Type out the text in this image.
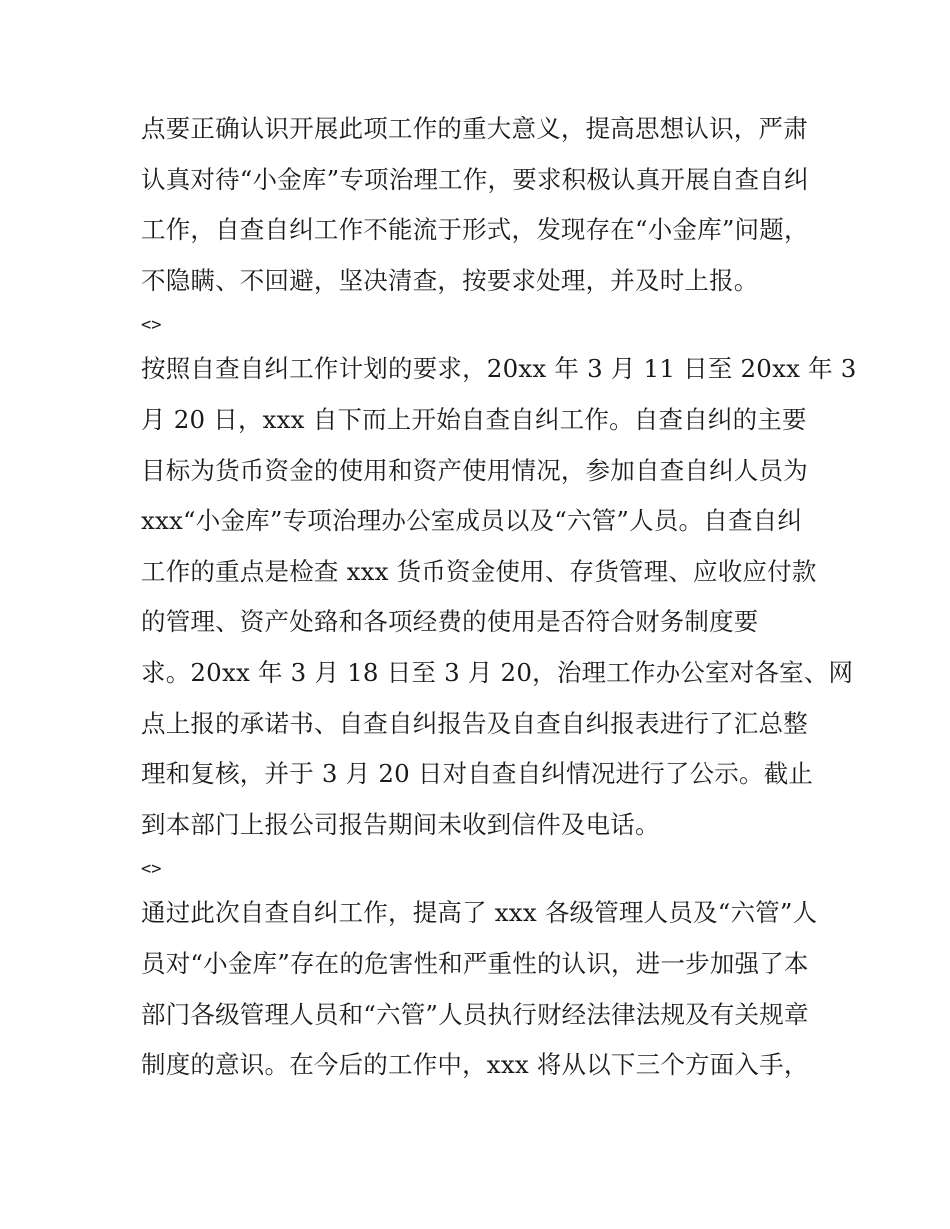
点要正确认识开展此项工作的重大意义，提高思想认识，严肃
认真对待“小金库”专项治理工作，要求积极认真开展自查自纠
工作，自查自纠工作不能流于形式，发现存在“小金库”问题，
不隐瞒、不回避，坚决清查，按要求处理，并及时上报。
<>
按照自查自纠工作计划的要求，20xx 年 3 月 11 日至 20xx 年 3
月 20 日，xxx 自下而上开始自查自纠工作。自查自纠的主要
目标为货币资金的使用和资产使用情况，参加自查自纠人员为
xxx“小金库”专项治理办公室成员以及“六管”人员。自查自纠
工作的重点是检查 xxx 货币资金使用、存货管理、应收应付款
的管理、资产处臵和各项经费的使用是否符合财务制度要
求。20xx 年 3 月 18 日至 3 月 20，治理工作办公室对各室、网
点上报的承诺书、自查自纠报告及自查自纠报表进行了汇总整
理和复核，并于 3 月 20 日对自查自纠情况进行了公示。截止
到本部门上报公司报告期间未收到信件及电话。
<>
通过此次自查自纠工作，提高了 xxx 各级管理人员及“六管”人
员对“小金库”存在的危害性和严重性的认识，进一步加强了本
部门各级管理人员和“六管”人员执行财经法律法规及有关规章
制度的意识。在今后的工作中，xxx 将从以下三个方面入手，
